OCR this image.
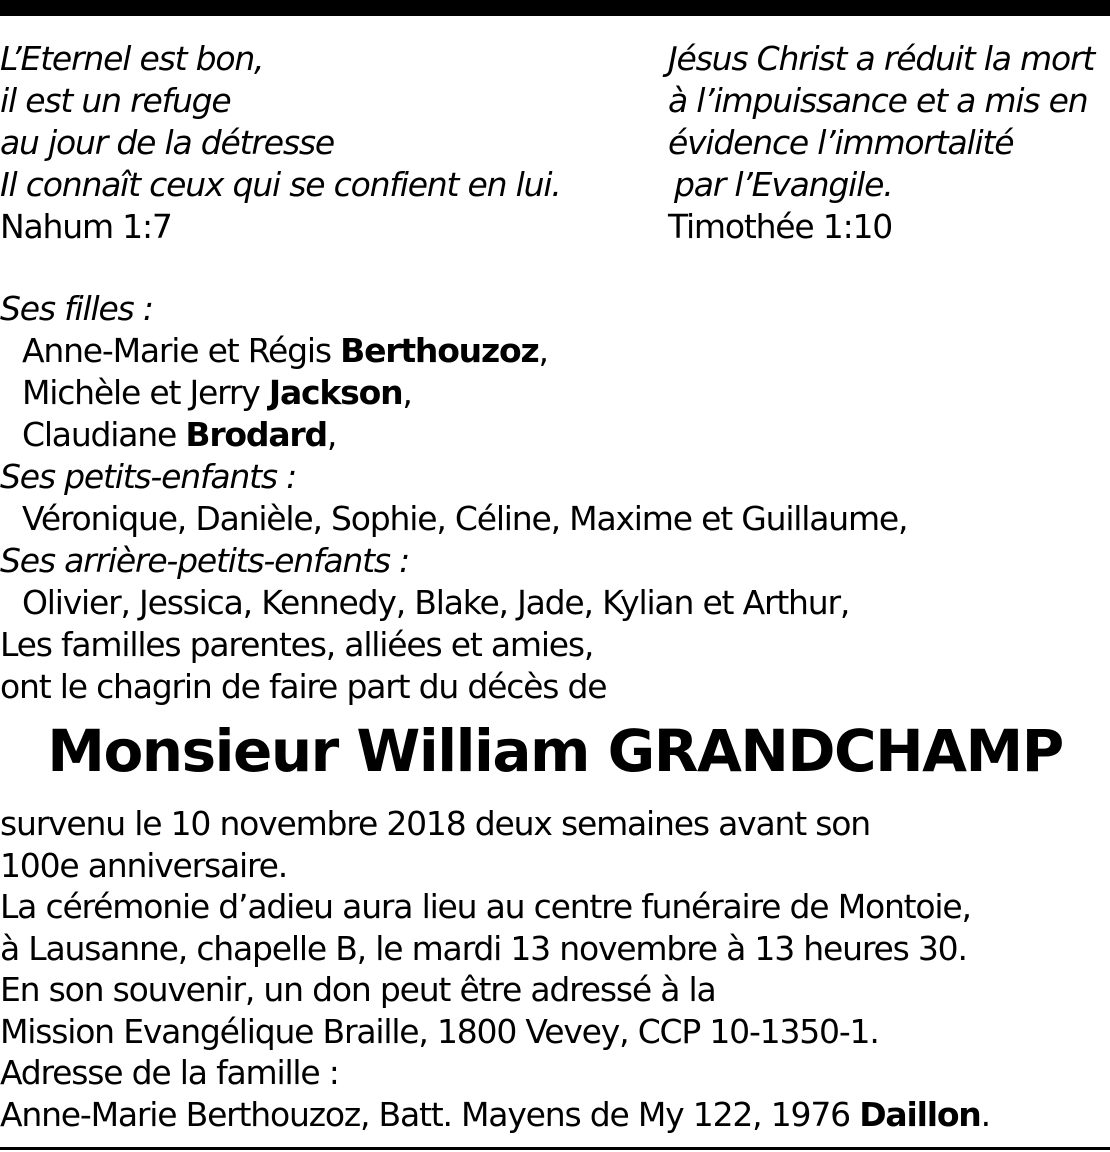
L’Eternel est bon,
il est un refuge
au jour de la détresse
Il connaît ceux qui se confient en lui.
Nahum 1:7
Jésus Christ a réduit la mort
à l’impuissance et a mis en
évidence l’immortalité
par l’Evangile.
Timothée 1:10
Ses filles :
Anne-Marie et Régis Berthouzoz,
Michèle et Jerry Jackson,
Claudiane Brodard,
Ses petits-enfants :
Véronique, Danièle, Sophie, Céline, Maxime et Guillaume,
Ses arrière-petits-enfants :
Olivier, Jessica, Kennedy, Blake, Jade, Kylian et Arthur,
Les familles parentes, alliées et amies,
ont le chagrin de faire part du décès de
Monsieur William GRANDCHAMP
survenu le 10 novembre 2018 deux semaines avant son
100e anniversaire.
La cérémonie d’adieu aura lieu au centre funéraire de Montoie,
à Lausanne, chapelle B, le mardi 13 novembre à 13 heures 30.
En son souvenir, un don peut être adressé à la
Mission Evangélique Braille, 1800 Vevey, CCP 10-1350-1.
Adresse de la famille :
Anne-Marie Berthouzoz, Batt. Mayens de My 122, 1976 Daillon.
